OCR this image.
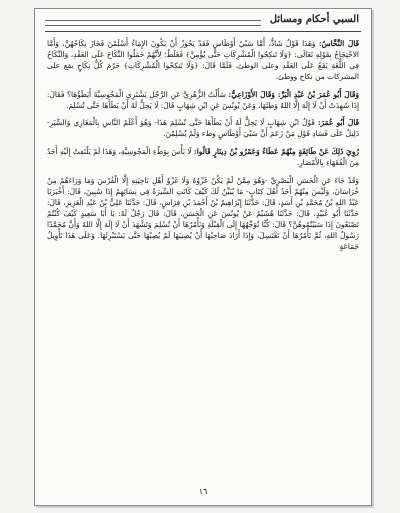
السبي أحكام ومسائل

قَالَ النَّحَّاسُ: وَهَذَا قَوْلٌ شَاذٌّ، أَمَّا سَبْيُ أَوْطَاسٍ فَقَدْ يَجُوزُ أَنْ يَكُونَ الإِمَاءُ أَسْلَمْنَ فَجَازَ نِكَاحُهُنَّ، وَأَمَّا الاحْتِجَاجُ بِقَوْلِهِ تَعَالَى: ﴿وَلَا تَنكِحُوا الْمُشْرِكَاتِ حَتَّى يُؤْمِنَّ﴾ فَغَلَطٌ؛ لِأَنَّهُمْ حَمَلُوا النِّكَاحَ عَلَى العَقْدِ، وَالنِّكَاحُ فِي اللُّغَةِ يَقَعُ عَلَى العَقْدِ وعلى الوطئ، فَلَمَّا قَالَ: ﴿وَلَا تَنكِحُوا الْمُشْرِكَاتِ﴾ حَرُمَ كُلُّ نِكَاحٍ يقع على المشركات من نكاح ووطئ.

وَقَالَ أَبُو عُمَرَ بْنُ عَبْدِ الْبَرِّ: وَقَالَ الأَوْزَاعِيُّ: سَأَلْتُ الزُّهْرِيَّ عَنِ الرَّجُلِ يَشْتَرِي الْمَجُوسِيَّةَ أَيَطَؤُهَا؟ فَقَالَ: إِذَا شَهِدَتْ أَنْ لَا إِلَهَ إِلَّا اللهُ وَطِئَهَا، وَعَنْ يُونُسَ عَنِ ابْنِ شِهَابٍ قَالَ: لَا يَحِلُّ لَهُ أَنْ يَطَأَهَا حَتَّى تُسْلِمَ.

قَالَ أَبُو عُمَرَ: قَوْلُ ابْنِ شِهَابٍ لَا يَحِلُّ لَهُ أَنْ يَطَأَهَا حَتَّى تُسْلِمَ هَذَا- وَهُوَ أَعْلَمُ النَّاسِ بِالْمَغَازِي وَالسِّيَرِ- دَلِيلٌ عَلَى فَسَادِ قَوْلِ مَنْ زَعَمَ أَنَّ سَبْيَ أَوْطَاسٍ وطء وَلَمْ يُسْلِمْنَ.

رُوِيَ ذَلِكَ عَنْ طَائِفَةٍ مِنْهُمْ عَطَاءٌ وَعَمْرُو بْنُ دِينَارٍ قَالُوا: لَا بَأْسَ بِوَطْءِ الْمَجُوسِيَّةِ، وَهَذَا لَمْ يَلْتَفِتْ إِلَيْهِ أَحَدٌ مِنَ الْفُقَهَاءِ بِالأَمْصَارِ.

وَقَدْ جَاءَ عَنِ الْحَسَنِ الْبَصْرِيِّ -وَهُوَ مِمَّنْ لَمْ يَكُنْ غَزْوُهُ وَلَا غَزْوُ أَهْلِ نَاحِيَتِهِ إِلَّا الْفُرْسَ وَمَا وَرَاءَهُمْ مِنْ خُرَاسَانَ، وَلَيْسَ مِنْهُمْ أَحَدٌ أَهْلَ كِتَابٍ- مَا يُبَيِّنُ لَكَ كَيْفَ كَانَتِ السِّيرَةُ فِي نِسَائِهِمْ إِذَا سُبِينَ، قَالَ: أَخْبَرَنَا عَبْدُ اللهِ بْنُ مُحَمَّدِ بْنِ أَسَدٍ، قَالَ: حَدَّثَنَا إِبْرَاهِيمُ بْنُ أَحْمَدَ بْنِ فِرَاسٍ، قَالَ: حَدَّثَنَا عَلِيُّ بْنُ عَبْدِ الْعَزِيزِ، قَالَ: حَدَّثَنَا أَبُو عُبَيْدٍ، قَالَ: حَدَّثَنَا هُشَيْمٌ عَنْ يُونُسَ عَنِ الْحَسَنِ، قَالَ: قَالَ رَجُلٌ لَهُ: يَا أَبَا سَعِيدٍ كَيْفَ كُنْتُمْ تَصْنَعُونَ إِذَا سَبَيْتُمُوهُنَّ؟ قَالَ: كُنَّا نُوَجِّهُهَا إِلَى الْقِبْلَةِ وَنَأْمُرُهَا أَنْ تُسْلِمَ وَتَشْهَدَ أَنْ لَا إِلَهَ إِلَّا اللهُ وَأَنَّ مُحَمَّدًا رَسُولُ اللهِ، ثُمَّ نَأْمُرُهَا أَنْ تَغْتَسِلَ، وَإِذَا أَرَادَ صَاحِبُهَا أَنْ يُصِيبَهَا لَمْ يُصِبْهَا حَتَّى يَسْتَبْرِئَهَا. وَعَلَى هَذَا تَأْوِيلُ جَمَاعَةٍ

١٦
